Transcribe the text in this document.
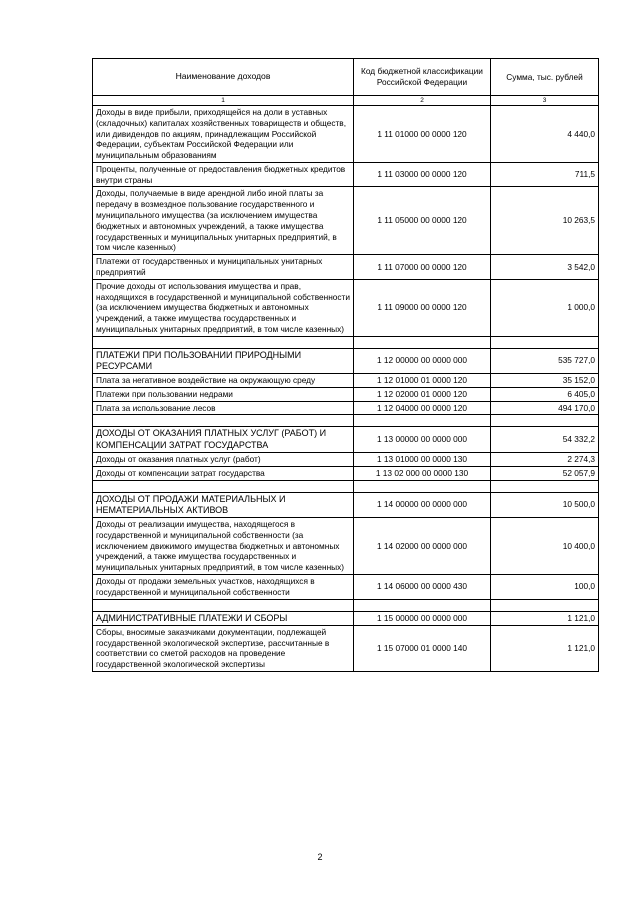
Наименование доходов	Код бюджетной классификации Российской Федерации	Сумма, тыс. рублей
1	2	3
Доходы в виде прибыли, приходящейся на доли в уставных (складочных) капиталах хозяйственных товариществ и обществ, или дивидендов по акциям, принадлежащим Российской Федерации, субъектам Российской Федерации или муниципальным образованиям	1 11 01000 00 0000 120	4 440,0
Проценты, полученные от предоставления бюджетных кредитов внутри страны	1 11 03000 00 0000 120	711,5
Доходы, получаемые в виде арендной либо иной платы за передачу в возмездное пользование государственного и муниципального имущества (за исключением имущества бюджетных и автономных учреждений, а также имущества государственных и муниципальных унитарных предприятий, в том числе казенных)	1 11 05000 00 0000 120	10 263,5
Платежи от государственных и муниципальных унитарных предприятий	1 11 07000 00 0000 120	3 542,0
Прочие доходы от использования имущества и прав, находящихся в государственной и муниципальной собственности (за исключением имущества бюджетных и автономных учреждений, а также имущества государственных и муниципальных унитарных предприятий, в том числе казенных)	1 11 09000 00 0000 120	1 000,0

ПЛАТЕЖИ ПРИ ПОЛЬЗОВАНИИ ПРИРОДНЫМИ РЕСУРСАМИ	1 12 00000 00 0000 000	535 727,0
Плата за негативное воздействие на окружающую среду	1 12 01000 01 0000 120	35 152,0
Платежи при пользовании недрами	1 12 02000 01 0000 120	6 405,0
Плата за использование лесов	1 12 04000 00 0000 120	494 170,0

ДОХОДЫ ОТ ОКАЗАНИЯ ПЛАТНЫХ УСЛУГ (РАБОТ) И КОМПЕНСАЦИИ ЗАТРАТ ГОСУДАРСТВА	1 13 00000 00 0000 000	54 332,2
Доходы от оказания платных услуг (работ)	1 13 01000 00 0000 130	2 274,3
Доходы от компенсации затрат государства	1 13 02 000 00 0000 130	52 057,9

ДОХОДЫ ОТ ПРОДАЖИ МАТЕРИАЛЬНЫХ И НЕМАТЕРИАЛЬНЫХ АКТИВОВ	1 14 00000 00 0000 000	10 500,0
Доходы от реализации имущества, находящегося в государственной и муниципальной собственности (за исключением движимого имущества бюджетных и автономных учреждений, а также имущества государственных и муниципальных унитарных предприятий, в том числе казенных)	1 14 02000 00 0000 000	10 400,0
Доходы от продажи земельных участков, находящихся в государственной и муниципальной собственности	1 14 06000 00 0000 430	100,0

АДМИНИСТРАТИВНЫЕ ПЛАТЕЖИ И СБОРЫ	1 15 00000 00 0000 000	1 121,0
Сборы, вносимые заказчиками документации, подлежащей государственной экологической экспертизе, рассчитанные в соответствии со сметой расходов на проведение государственной экологической экспертизы	1 15 07000 01 0000 140	1 121,0
2
